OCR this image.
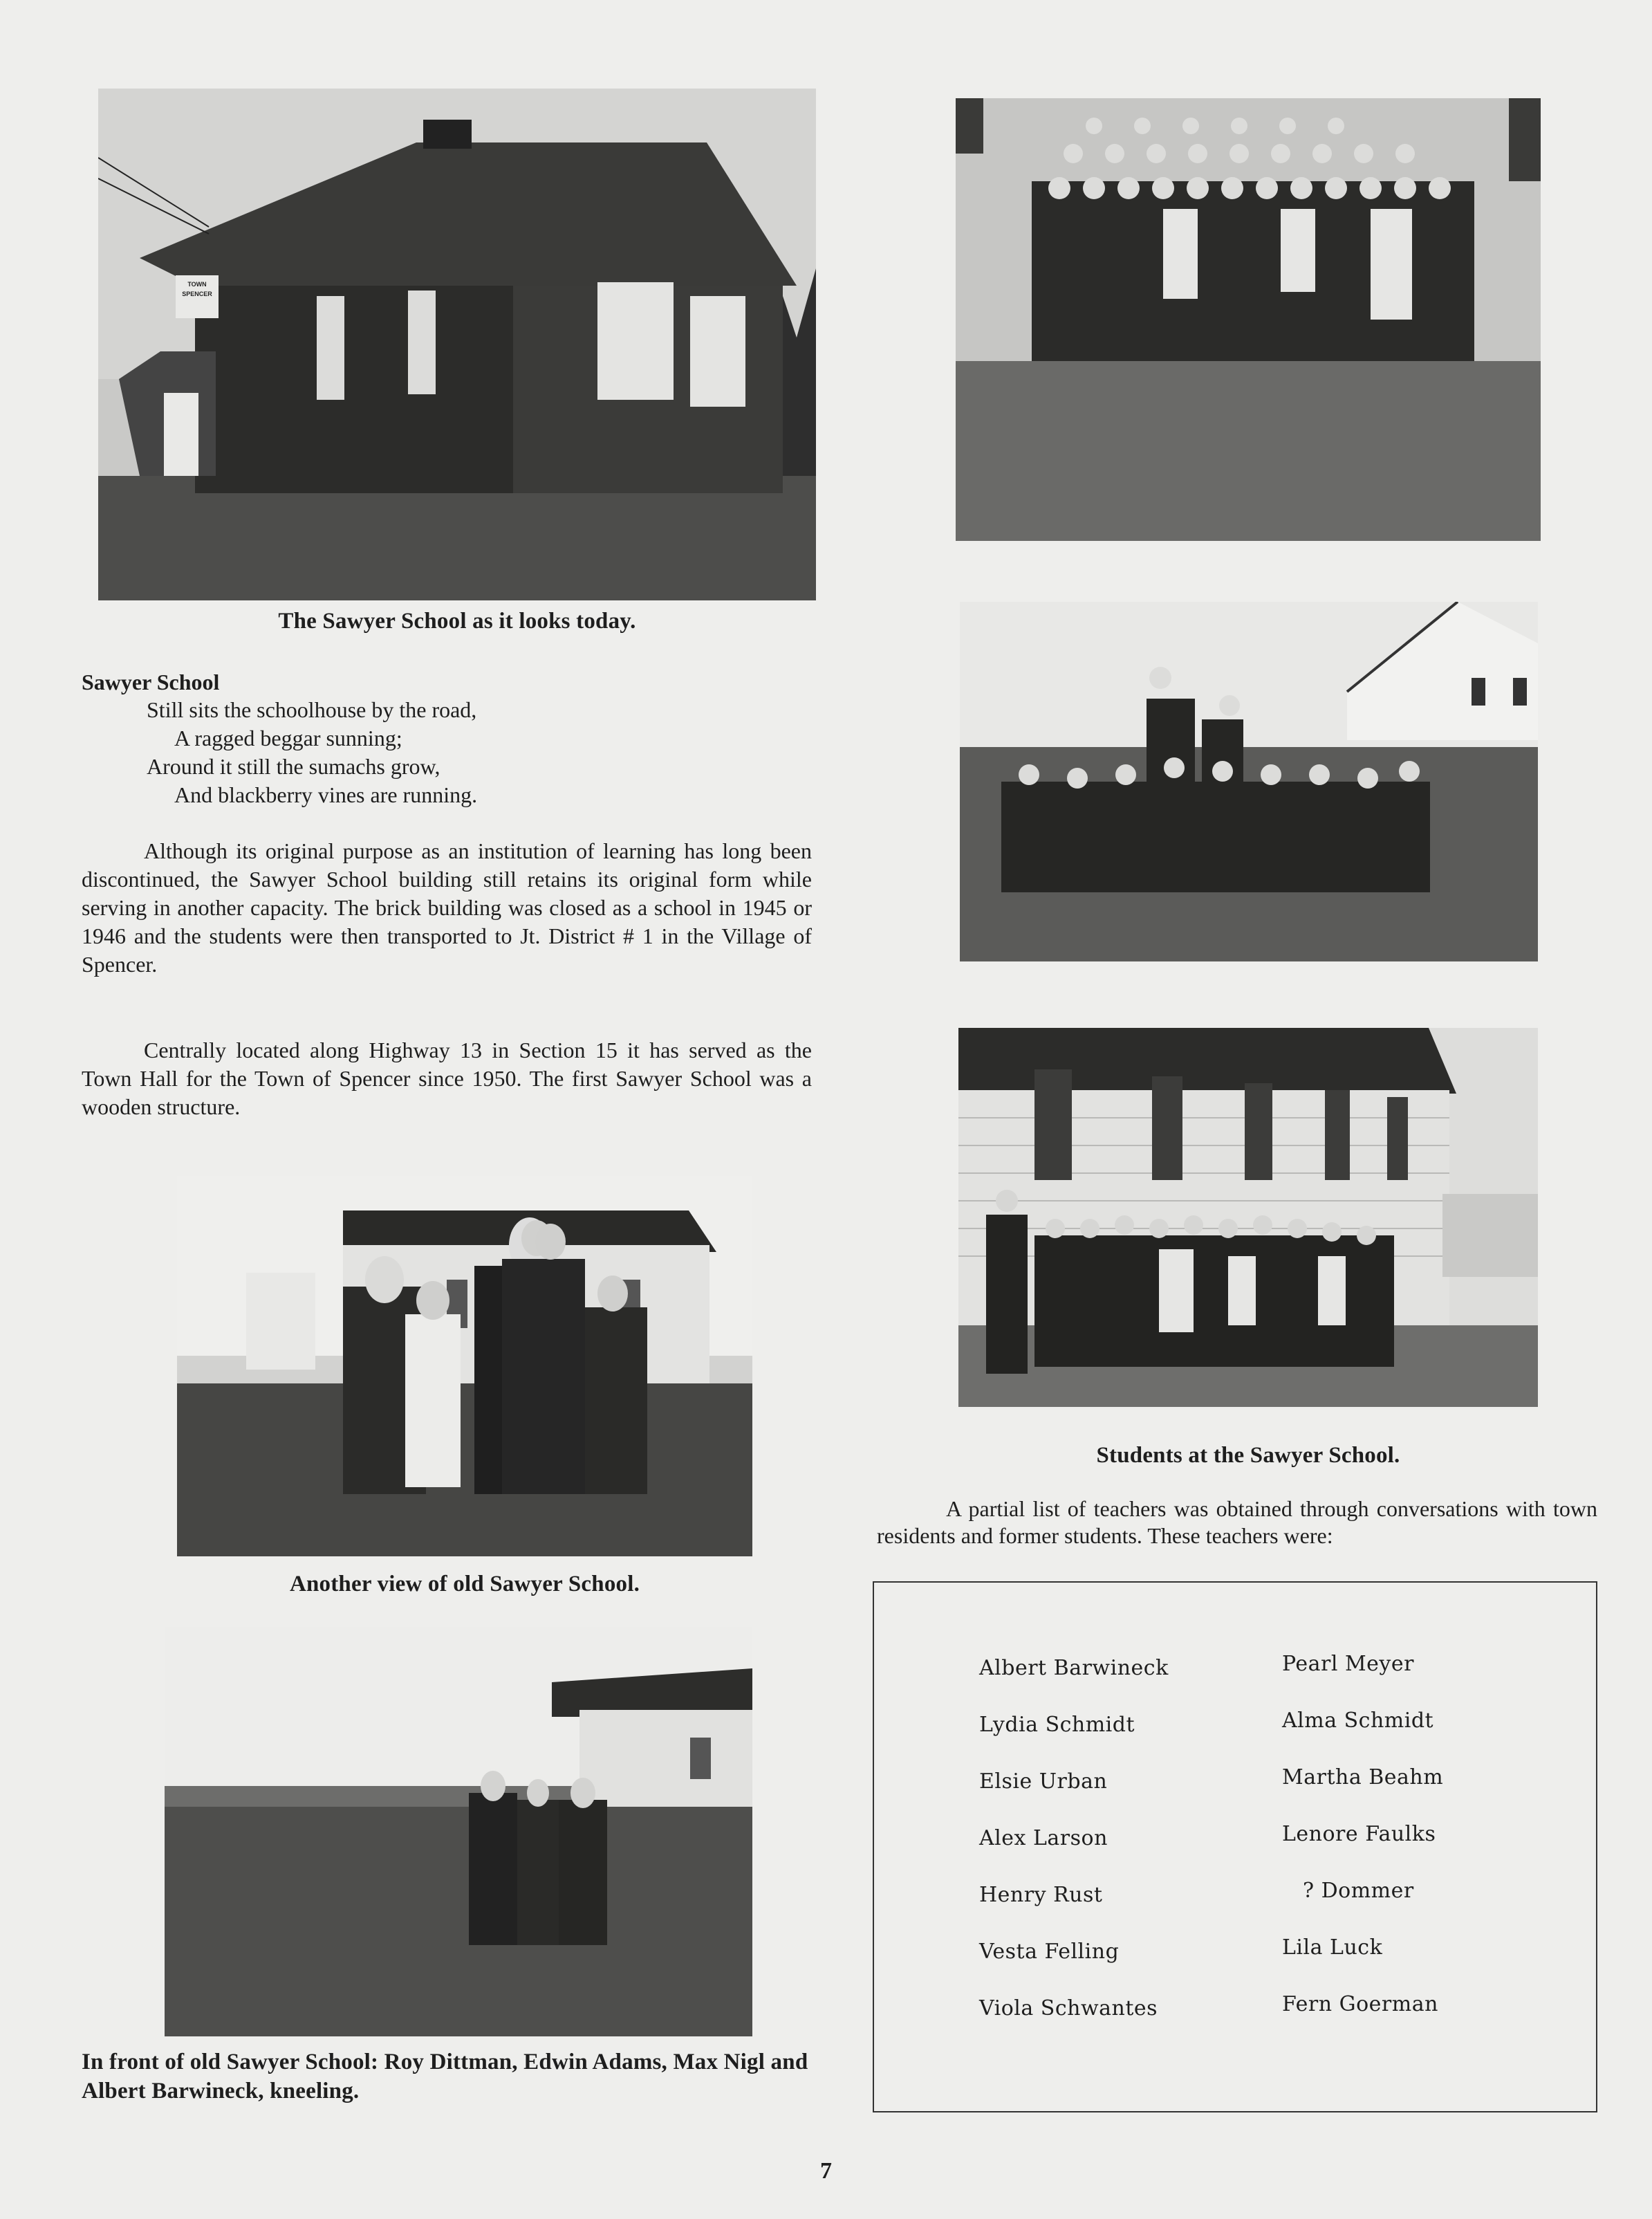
TOWN
SPENCER
The Sawyer School as it looks today.
Sawyer School
Still sits the schoolhouse by the road,
A ragged beggar sunning;
Around it still the sumachs grow,
And blackberry vines are running.

Although its original purpose as an institution of learning has long been discontinued, the Sawyer School building still retains its original form while serving in another capacity. The brick building was closed as a school in 1945 or 1946 and the students were then transported to Jt. District # 1 in the Village of Spencer.

Centrally located along Highway 13 in Section 15 it has served as the Town Hall for the Town of Spencer since 1950. The first Sawyer School was a wooden structure.

Another view of old Sawyer School.
In front of old Sawyer School: Roy Dittman, Edwin Adams, Max Nigl and Albert Barwineck, kneeling.
Students at the Sawyer School.

A partial list of teachers was obtained through conversations with town residents and former students. These teachers were:

Albert Barwineck
Lydia Schmidt
Elsie Urban
Alex Larson
Henry Rust
Vesta Felling
Viola Schwantes
Pearl Meyer
Alma Schmidt
Martha Beahm
Lenore Faulks
? Dommer
Lila Luck
Fern Goerman
7
